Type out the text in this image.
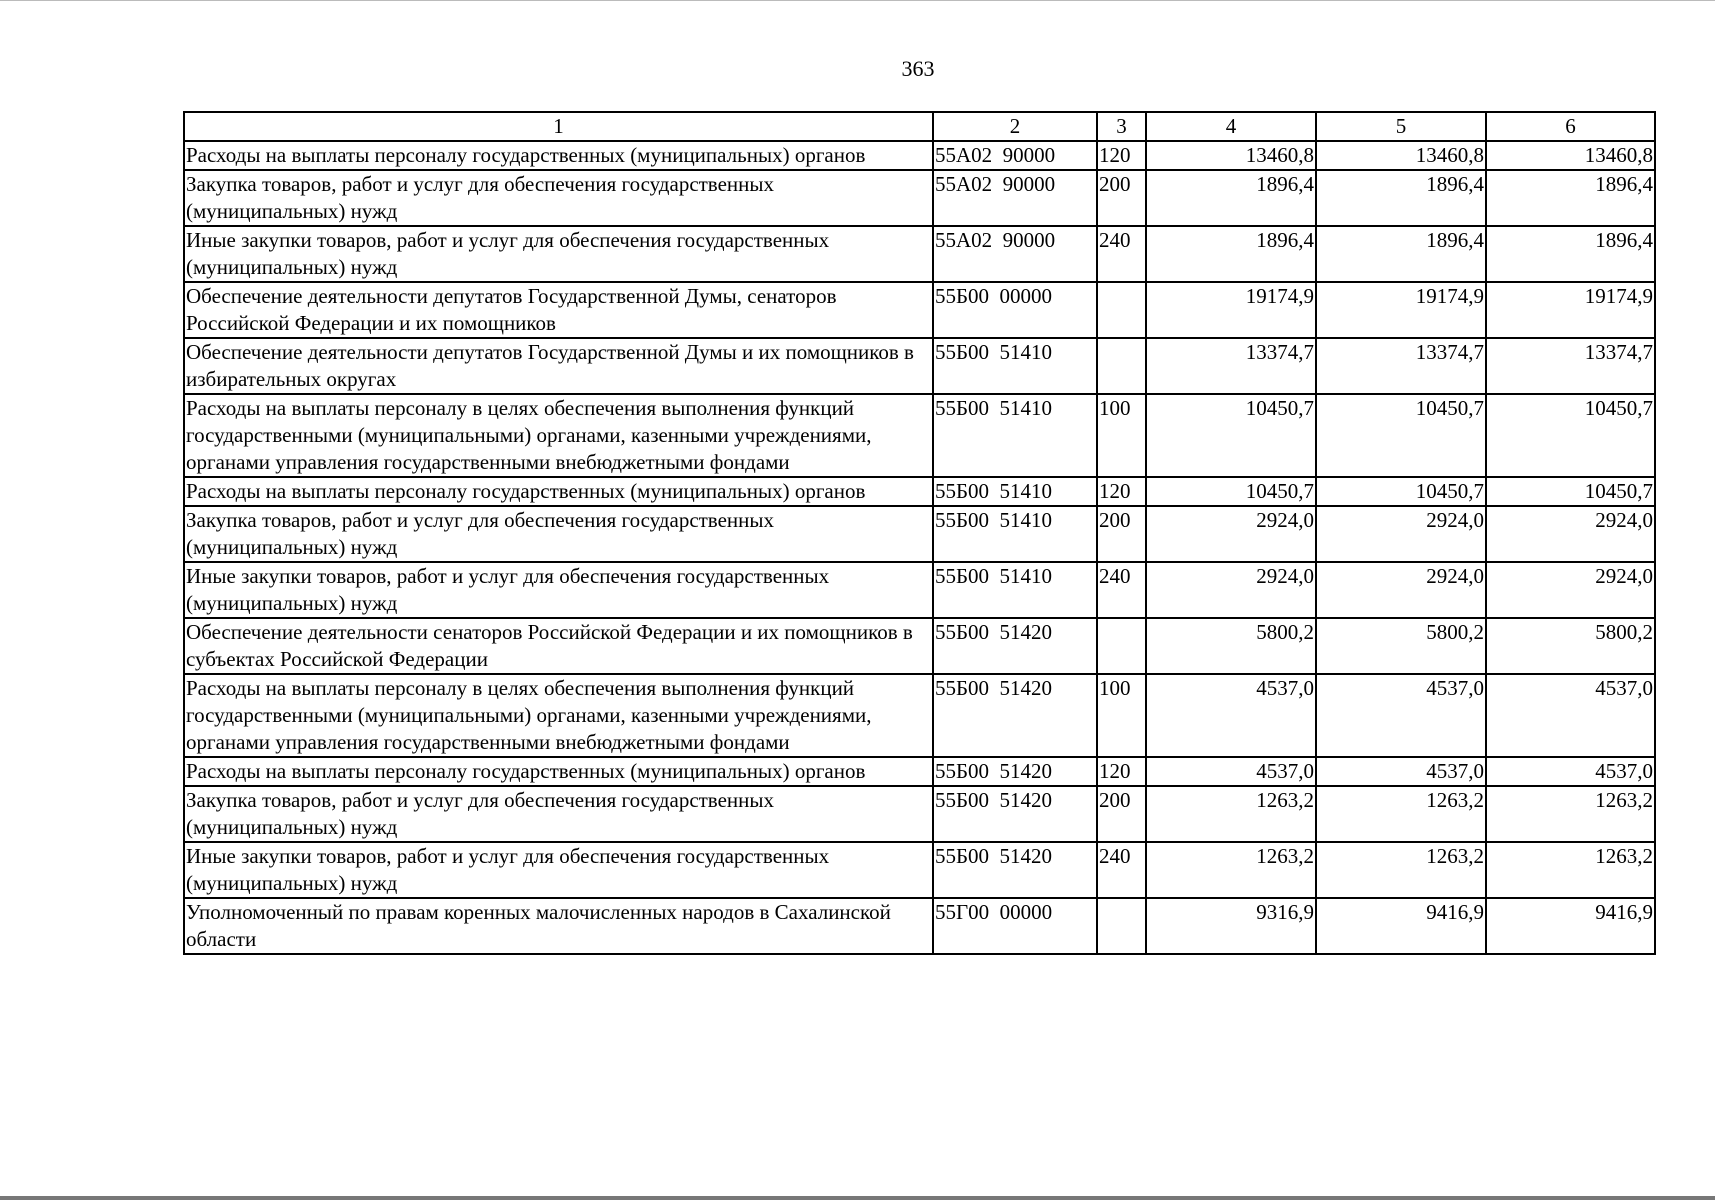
363
1	2	3	4	5	6
Расходы на выплаты персоналу государственных (муниципальных) органов	55А02  90000	120	13460,8	13460,8	13460,8
Закупка товаров, работ и услуг для обеспечения государственных (муниципальных) нужд	55А02  90000	200	1896,4	1896,4	1896,4
Иные закупки товаров, работ и услуг для обеспечения государственных (муниципальных) нужд	55А02  90000	240	1896,4	1896,4	1896,4
Обеспечение деятельности депутатов Государственной Думы, сенаторов Российской Федерации и их помощников	55Б00  00000		19174,9	19174,9	19174,9
Обеспечение деятельности депутатов Государственной Думы и их помощников в избирательных округах	55Б00  51410		13374,7	13374,7	13374,7
Расходы на выплаты персоналу в целях обеспечения выполнения функций государственными (муниципальными) органами, казенными учреждениями, органами управления государственными внебюджетными фондами	55Б00  51410	100	10450,7	10450,7	10450,7
Расходы на выплаты персоналу государственных (муниципальных) органов	55Б00  51410	120	10450,7	10450,7	10450,7
Закупка товаров, работ и услуг для обеспечения государственных (муниципальных) нужд	55Б00  51410	200	2924,0	2924,0	2924,0
Иные закупки товаров, работ и услуг для обеспечения государственных (муниципальных) нужд	55Б00  51410	240	2924,0	2924,0	2924,0
Обеспечение деятельности сенаторов Российской Федерации и их помощников в субъектах Российской Федерации	55Б00  51420		5800,2	5800,2	5800,2
Расходы на выплаты персоналу в целях обеспечения выполнения функций государственными (муниципальными) органами, казенными учреждениями, органами управления государственными внебюджетными фондами	55Б00  51420	100	4537,0	4537,0	4537,0
Расходы на выплаты персоналу государственных (муниципальных) органов	55Б00  51420	120	4537,0	4537,0	4537,0
Закупка товаров, работ и услуг для обеспечения государственных (муниципальных) нужд	55Б00  51420	200	1263,2	1263,2	1263,2
Иные закупки товаров, работ и услуг для обеспечения государственных (муниципальных) нужд	55Б00  51420	240	1263,2	1263,2	1263,2
Уполномоченный по правам коренных малочисленных народов в Сахалинской области	55Г00  00000		9316,9	9416,9	9416,9
